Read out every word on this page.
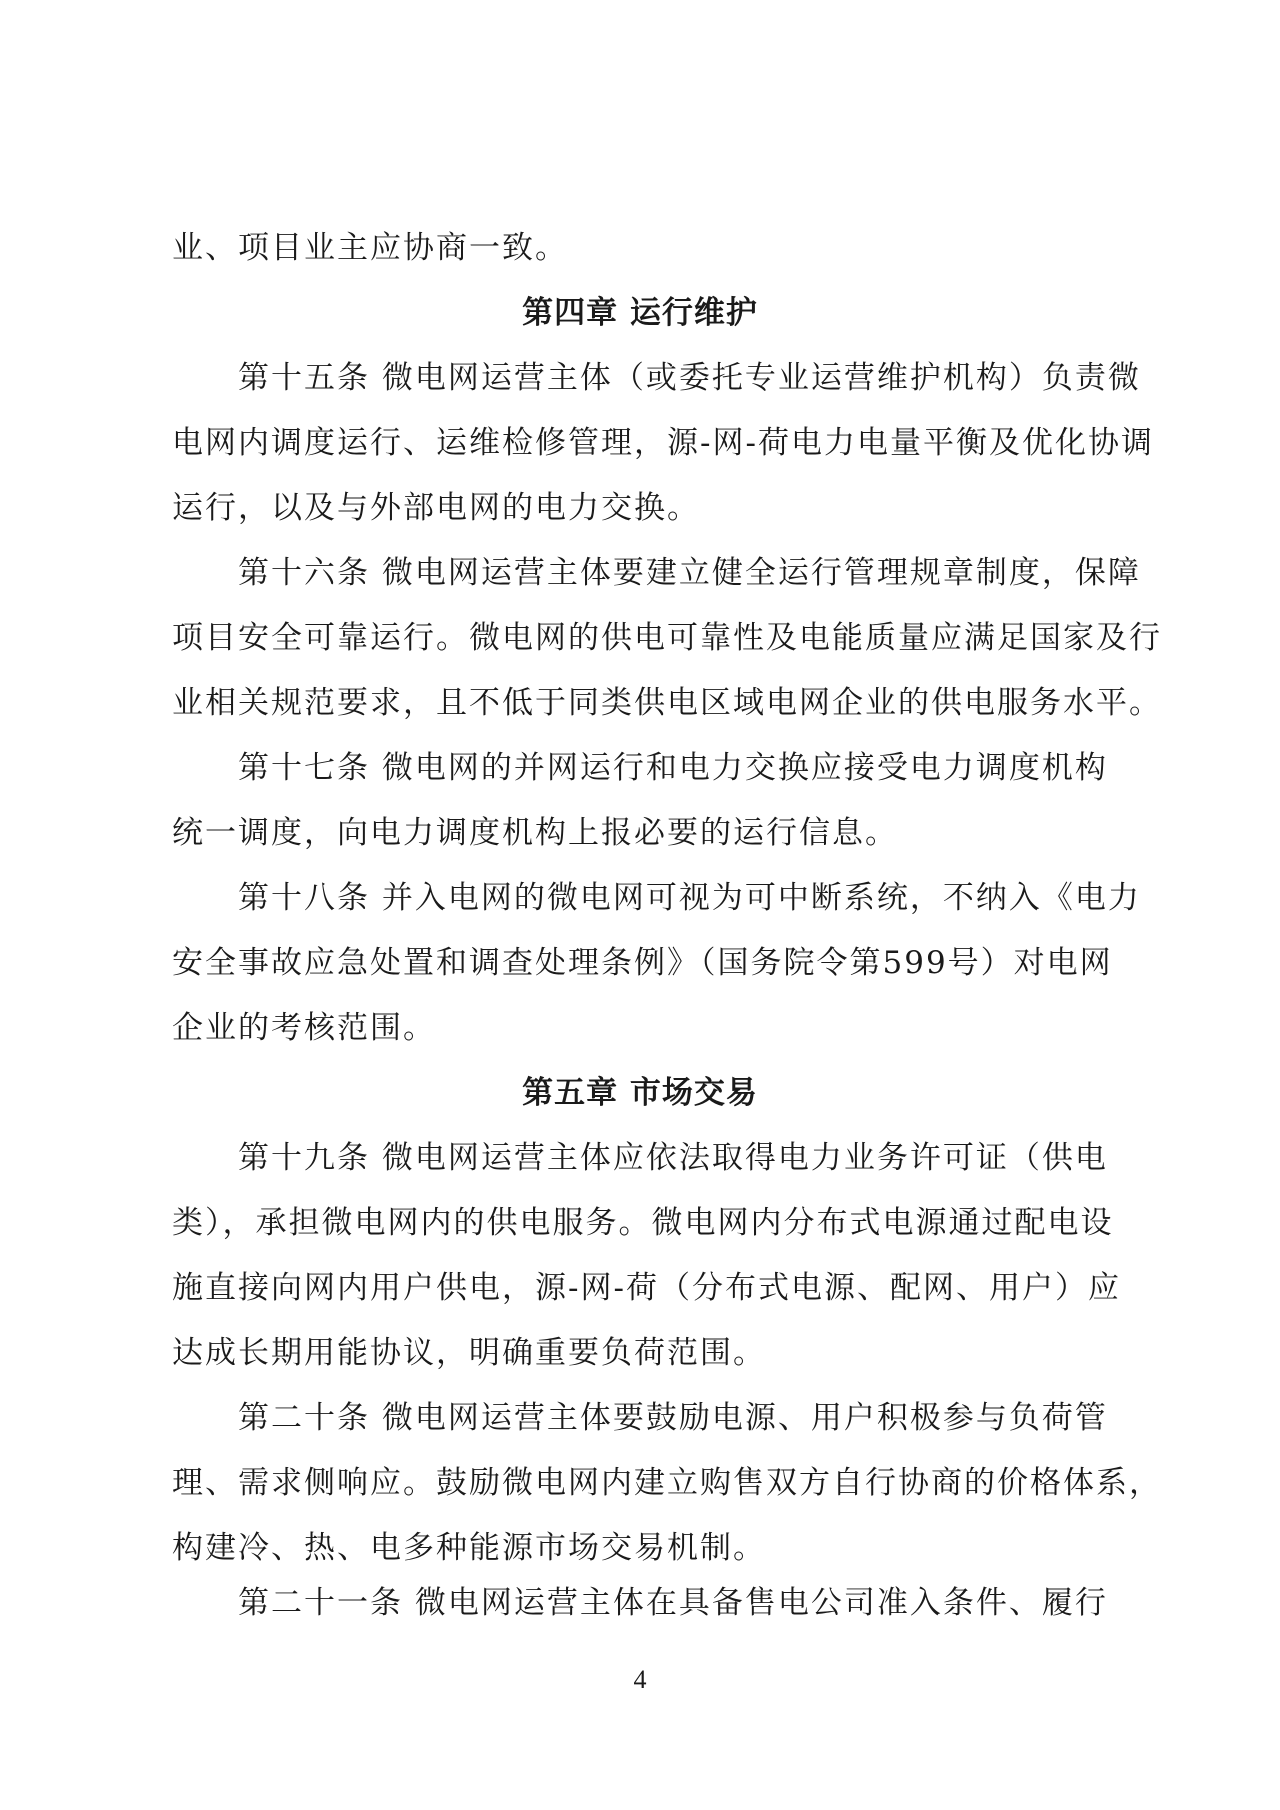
业、项目业主应协商一致。
第四章 运行维护
第十五条 微电网运营主体（或委托专业运营维护机构）负责微
电网内调度运行、运维检修管理，源-网-荷电力电量平衡及优化协调
运行，以及与外部电网的电力交换。
第十六条 微电网运营主体要建立健全运行管理规章制度，保障
项目安全可靠运行。微电网的供电可靠性及电能质量应满足国家及行
业相关规范要求，且不低于同类供电区域电网企业的供电服务水平。
第十七条 微电网的并网运行和电力交换应接受电力调度机构
统一调度，向电力调度机构上报必要的运行信息。
第十八条 并入电网的微电网可视为可中断系统，不纳入《电力
安全事故应急处置和调查处理条例》（国务院令第599号）对电网
企业的考核范围。
第五章 市场交易
第十九条 微电网运营主体应依法取得电力业务许可证（供电
类），承担微电网内的供电服务。微电网内分布式电源通过配电设
施直接向网内用户供电，源-网-荷（分布式电源、配网、用户）应
达成长期用能协议，明确重要负荷范围。
第二十条 微电网运营主体要鼓励电源、用户积极参与负荷管
理、需求侧响应。鼓励微电网内建立购售双方自行协商的价格体系，
构建冷、热、电多种能源市场交易机制。
第二十一条 微电网运营主体在具备售电公司准入条件、履行
4
